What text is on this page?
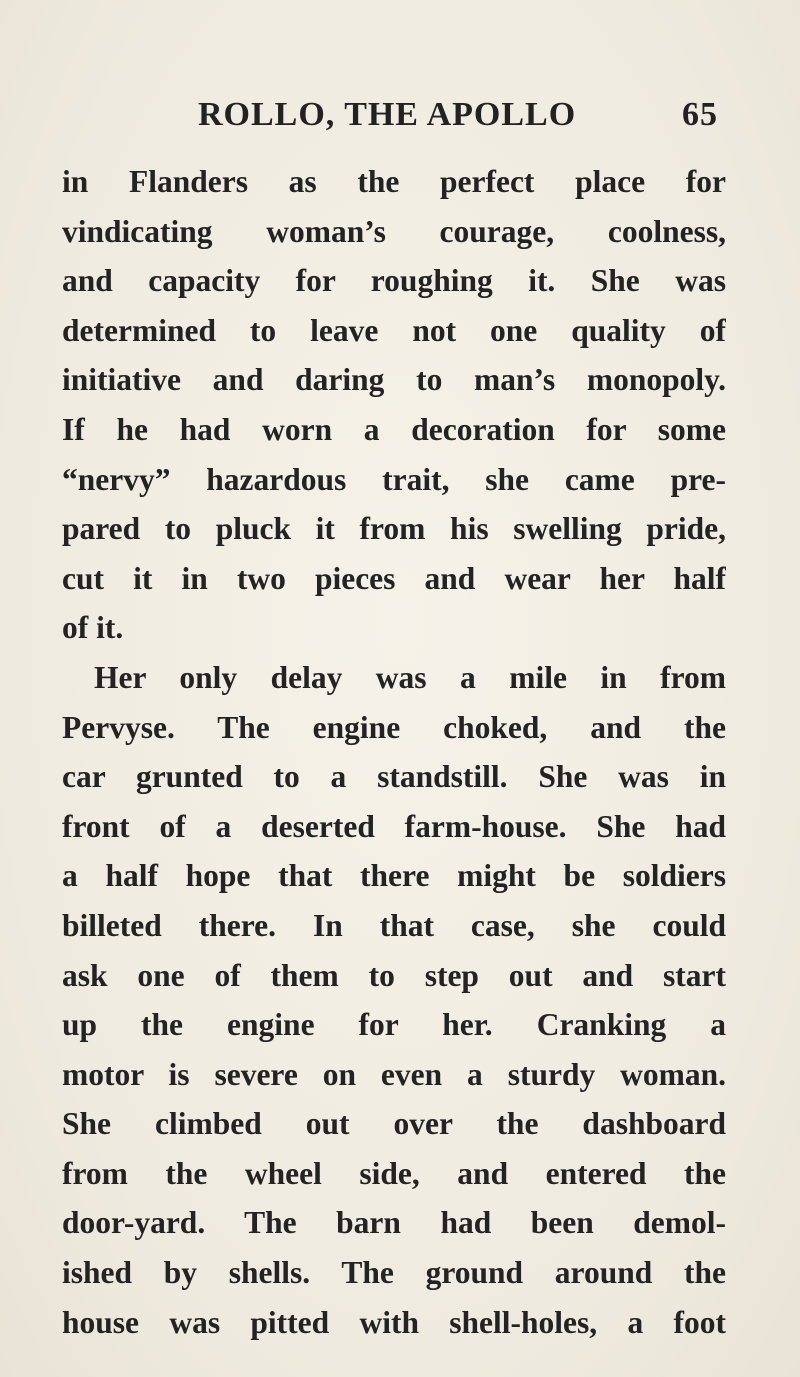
ROLLO, THE APOLLO	65
in Flanders as the perfect place for
vindicating woman’s courage, coolness,
and capacity for roughing it. She was
determined to leave not one quality of
initiative and daring to man’s monopoly.
If he had worn a decoration for some
“nervy” hazardous trait, she came pre-
pared to pluck it from his swelling pride,
cut it in two pieces and wear her half
of it.
Her only delay was a mile in from
Pervyse. The engine choked, and the
car grunted to a standstill. She was in
front of a deserted farm-house. She had
a half hope that there might be soldiers
billeted there. In that case, she could
ask one of them to step out and start
up the engine for her. Cranking a
motor is severe on even a sturdy woman.
She climbed out over the dashboard
from the wheel side, and entered the
door-yard. The barn had been demol-
ished by shells. The ground around the
house was pitted with shell-holes, a foot
